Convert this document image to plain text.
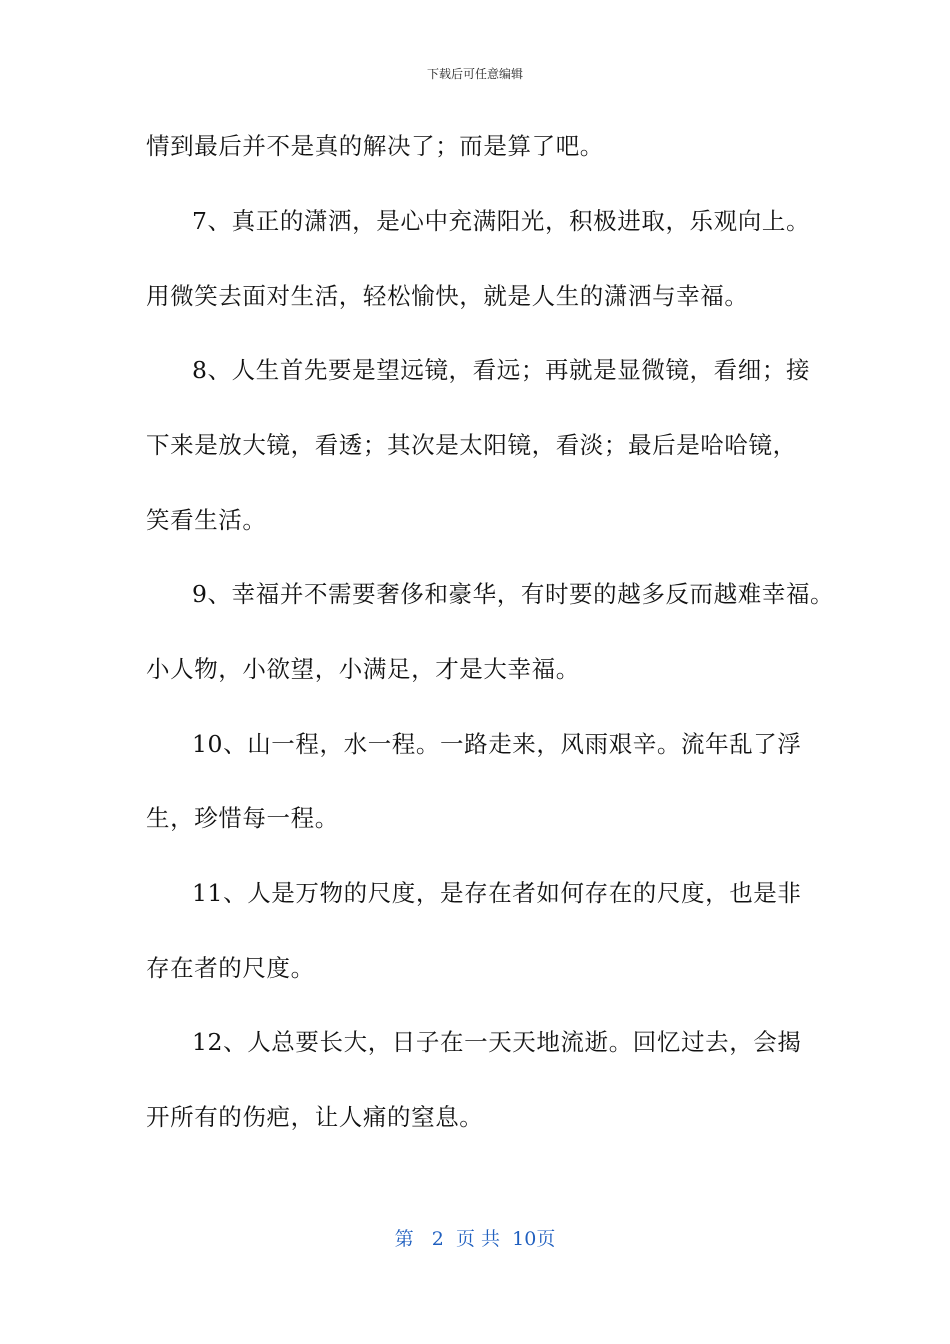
下载后可任意编辑
情到最后并不是真的解决了；而是算了吧。
7、真正的潇洒，是心中充满阳光，积极进取，乐观向上。
用微笑去面对生活，轻松愉快，就是人生的潇洒与幸福。
8、人生首先要是望远镜，看远；再就是显微镜，看细；接
下来是放大镜，看透；其次是太阳镜，看淡；最后是哈哈镜，
笑看生活。
9、幸福并不需要奢侈和豪华，有时要的越多反而越难幸福。
小人物，小欲望，小满足，才是大幸福。
10、山一程，水一程。一路走来，风雨艰辛。流年乱了浮
生，珍惜每一程。
11、人是万物的尺度，是存在者如何存在的尺度，也是非
存在者的尺度。
12、人总要长大，日子在一天天地流逝。回忆过去，会揭
开所有的伤疤，让人痛的窒息。
第 2 页 共 10页
